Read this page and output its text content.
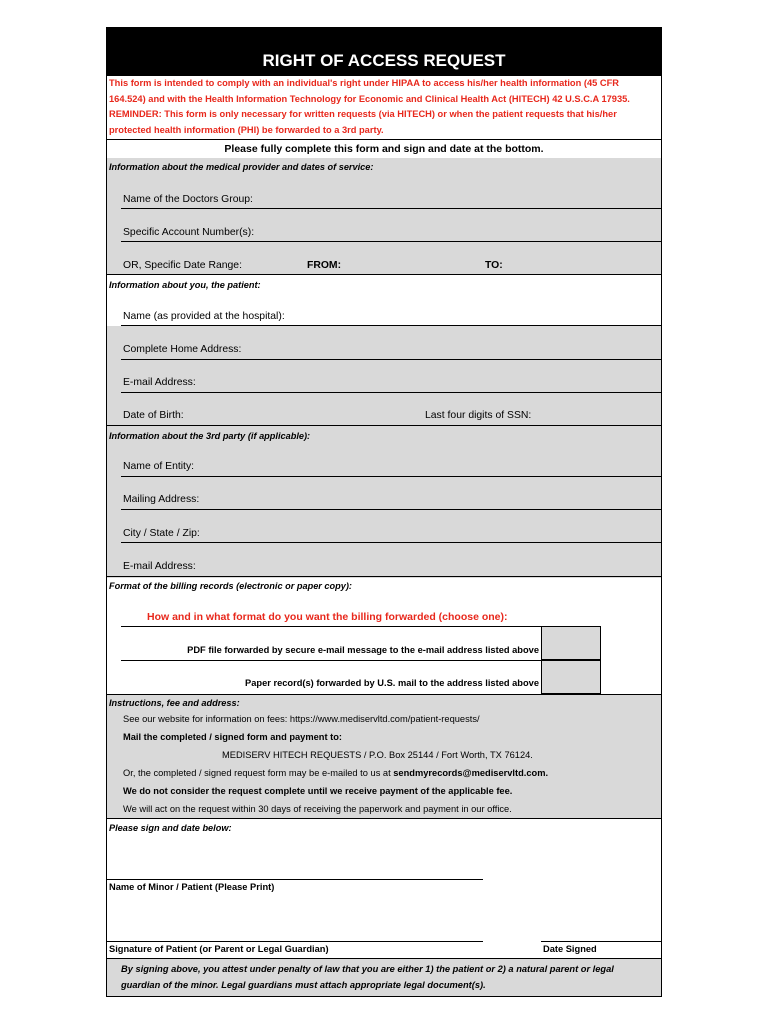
RIGHT OF ACCESS REQUEST
This form is intended to comply with an individual's right under HIPAA to access his/her health information (45 CFR 164.524) and with the Health Information Technology for Economic and Clinical Health Act (HITECH) 42 U.S.C.A 17935. REMINDER: This form is only necessary for written requests (via HITECH) or when the patient requests that his/her protected health information (PHI) be forwarded to a 3rd party.
Please fully complete this form and sign and date at the bottom.
Information about the medical provider and dates of service:
Name of the Doctors Group:
Specific Account Number(s):
OR, Specific Date Range:	FROM:	TO:
Information about you, the patient:
Name (as provided at the hospital):
Complete Home Address:
E-mail Address:
Date of Birth:	Last four digits of SSN:
Information about the 3rd party (if applicable):
Name of Entity:
Mailing Address:
City / State / Zip:
E-mail Address:
Format of the billing records (electronic or paper copy):
How and in what format do you want the billing forwarded (choose one):
PDF file forwarded by secure e-mail message to the e-mail address listed above
Paper record(s) forwarded by U.S. mail to the address listed above
Instructions, fee and address:
See our website for information on fees: https://www.mediservltd.com/patient-requests/
Mail the completed / signed form and payment to:
MEDISERV HITECH REQUESTS / P.O. Box 25144 / Fort Worth, TX 76124.
Or, the completed / signed request form may be e-mailed to us at sendmyrecords@mediservltd.com.
We do not consider the request complete until we receive payment of the applicable fee.
We will act on the request within 30 days of receiving the paperwork and payment in our office.
Please sign and date below:
Name of Minor / Patient (Please Print)
Signature of Patient (or Parent or Legal Guardian)	Date Signed
By signing above, you attest under penalty of law that you are either 1) the patient or 2) a natural parent or legal guardian of the minor. Legal guardians must attach appropriate legal document(s).
